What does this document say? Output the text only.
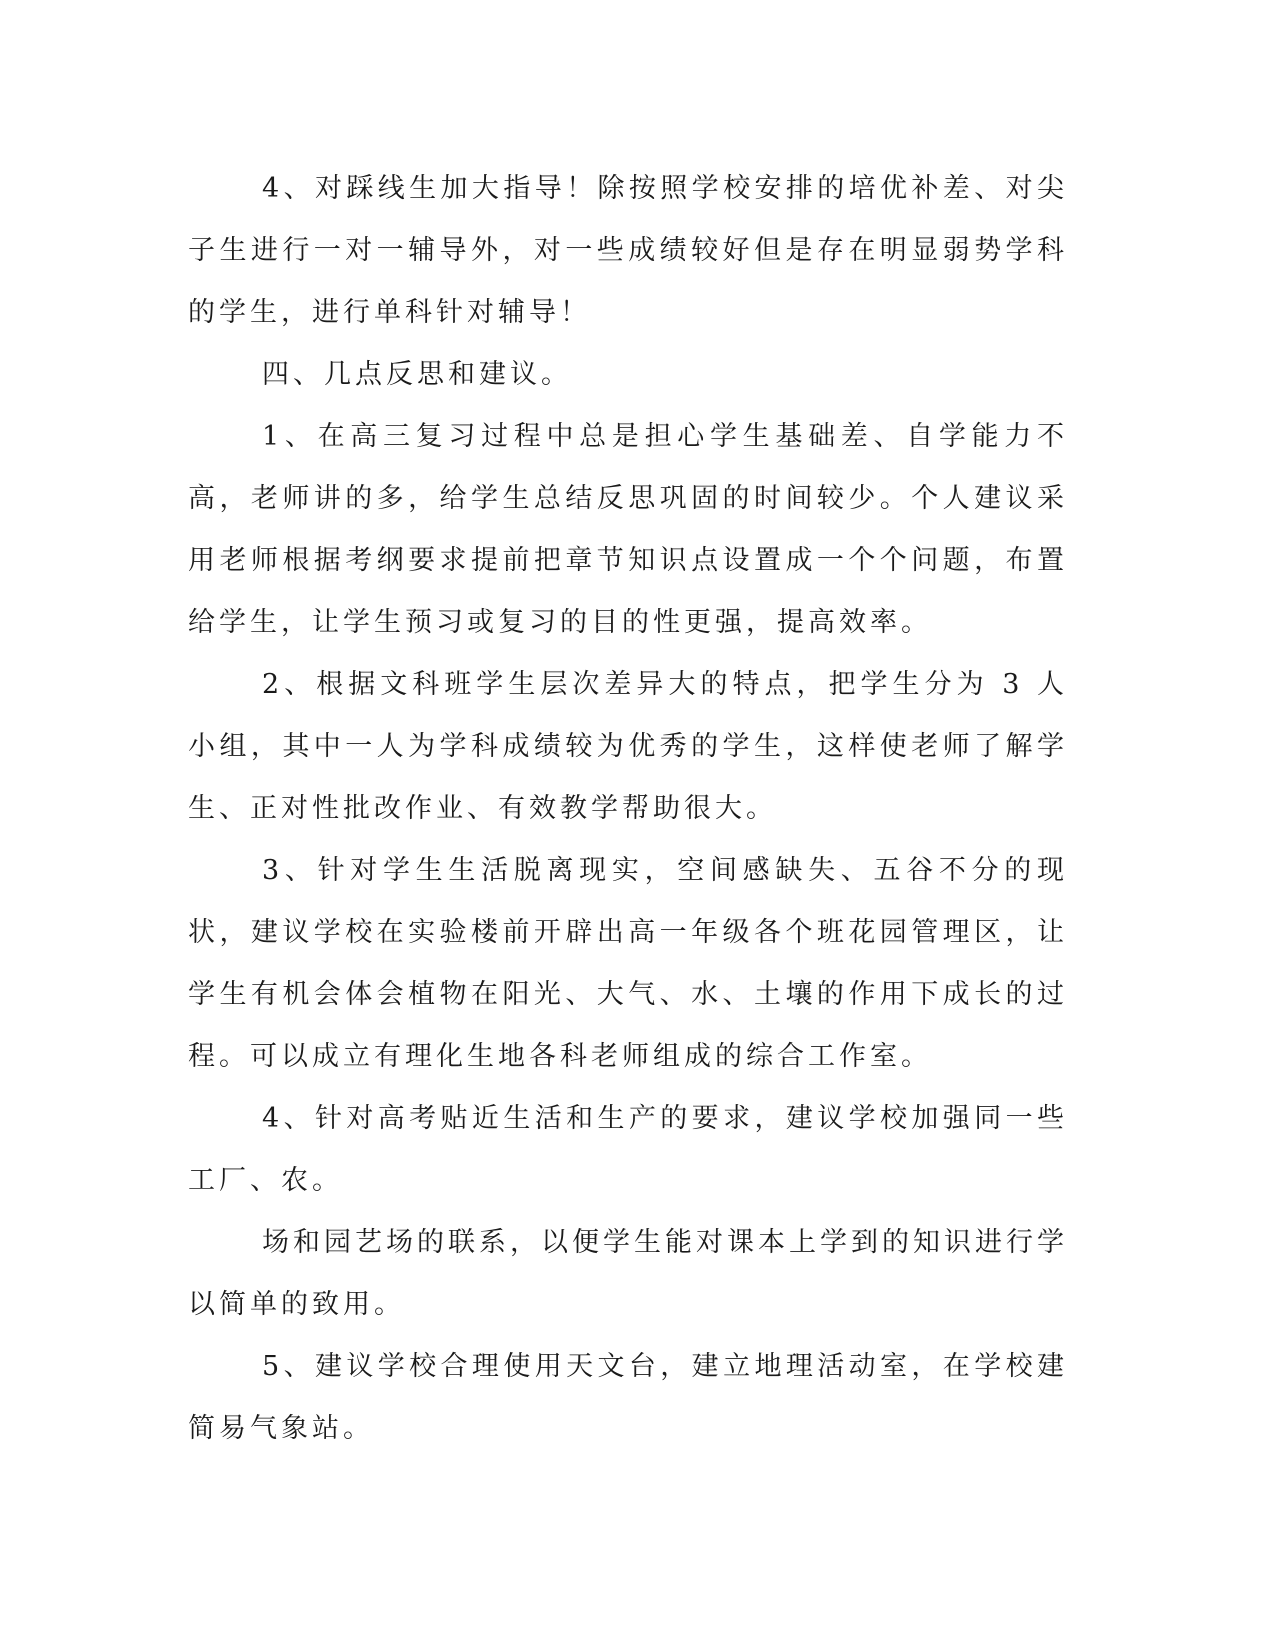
4、对踩线生加大指导！除按照学校安排的培优补差、对尖子生进行一对一辅导外，对一些成绩较好但是存在明显弱势学科的学生，进行单科针对辅导！

四、几点反思和建议。

1、在高三复习过程中总是担心学生基础差、自学能力不高，老师讲的多，给学生总结反思巩固的时间较少。个人建议采用老师根据考纲要求提前把章节知识点设置成一个个问题，布置给学生，让学生预习或复习的目的性更强，提高效率。

2、根据文科班学生层次差异大的特点，把学生分为 3 人小组，其中一人为学科成绩较为优秀的学生，这样使老师了解学生、正对性批改作业、有效教学帮助很大。

3、针对学生生活脱离现实，空间感缺失、五谷不分的现状，建议学校在实验楼前开辟出高一年级各个班花园管理区，让学生有机会体会植物在阳光、大气、水、土壤的作用下成长的过程。可以成立有理化生地各科老师组成的综合工作室。

4、针对高考贴近生活和生产的要求，建议学校加强同一些工厂、农。

场和园艺场的联系，以便学生能对课本上学到的知识进行学以简单的致用。

5、建议学校合理使用天文台，建立地理活动室，在学校建简易气象站。
